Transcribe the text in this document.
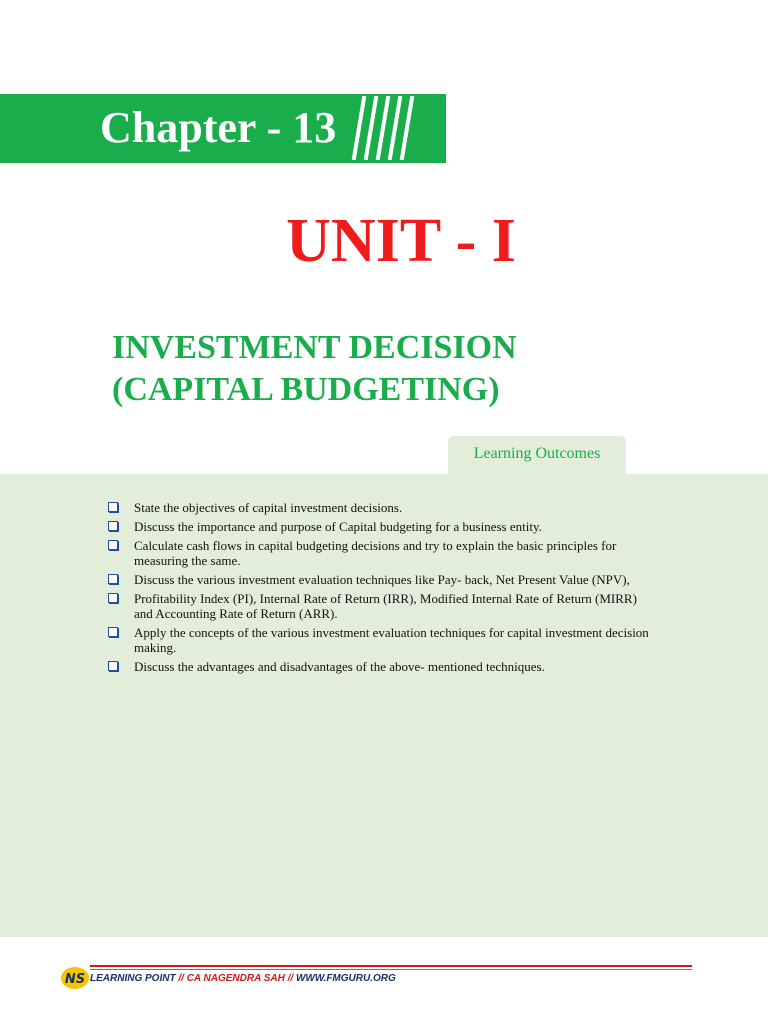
Chapter - 13
UNIT - I
INVESTMENT DECISION
(CAPITAL BUDGETING)
Learning Outcomes
State the objectives of capital investment decisions.
Discuss the importance and purpose of Capital budgeting for a business entity.
Calculate cash flows in capital budgeting decisions and try to explain the basic principles for measuring the same.
Discuss the various investment evaluation techniques like Pay- back, Net Present Value (NPV),
Profitability Index (PI), Internal Rate of Return (IRR), Modified Internal Rate of Return (MIRR) and Accounting Rate of Return (ARR).
Apply the concepts of the various investment evaluation techniques for capital investment decision making.
Discuss the advantages and disadvantages of the above- mentioned techniques.
NS LEARNING POINT // CA NAGENDRA SAH // WWW.FMGURU.ORG
